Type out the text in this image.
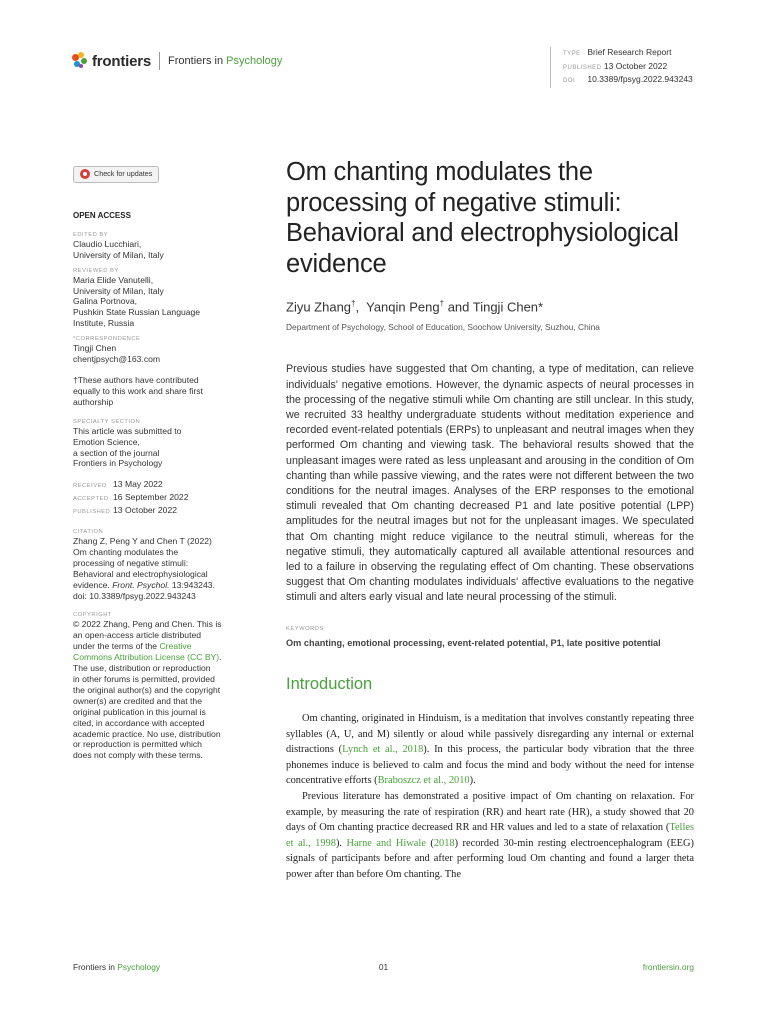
frontiers Frontiers in Psychology
TYPE Brief Research Report
PUBLISHED 13 October 2022
DOI 10.3389/fpsyg.2022.943243
Check for updates
OPEN ACCESS
EDITED BY
Claudio Lucchiari,
University of Milan, Italy
REVIEWED BY
Maria Elide Vanutelli,
University of Milan, Italy
Galina Portnova,
Pushkin State Russian Language
Institute, Russia
*CORRESPONDENCE
Tingji Chen
chentjpsych@163.com
†These authors have contributed
equally to this work and share first
authorship
SPECIALTY SECTION
This article was submitted to
Emotion Science,
a section of the journal
Frontiers in Psychology
RECEIVED 13 May 2022
ACCEPTED 16 September 2022
PUBLISHED 13 October 2022
CITATION
Zhang Z, Peng Y and Chen T (2022)
Om chanting modulates the
processing of negative stimuli:
Behavioral and electrophysiological
evidence. Front. Psychol. 13:943243.
doi: 10.3389/fpsyg.2022.943243
COPYRIGHT
© 2022 Zhang, Peng and Chen. This is
an open-access article distributed
under the terms of the Creative
Commons Attribution License (CC BY).
The use, distribution or reproduction
in other forums is permitted, provided
the original author(s) and the copyright
owner(s) are credited and that the
original publication in this journal is
cited, in accordance with accepted
academic practice. No use, distribution
or reproduction is permitted which
does not comply with these terms.
Om chanting modulates the processing of negative stimuli: Behavioral and electrophysiological evidence
Ziyu Zhang†,  Yanqin Peng† and Tingji Chen*
Department of Psychology, School of Education, Soochow University, Suzhou, China
Previous studies have suggested that Om chanting, a type of meditation, can relieve individuals' negative emotions. However, the dynamic aspects of neural processes in the processing of the negative stimuli while Om chanting are still unclear. In this study, we recruited 33 healthy undergraduate students without meditation experience and recorded event-related potentials (ERPs) to unpleasant and neutral images when they performed Om chanting and viewing task. The behavioral results showed that the unpleasant images were rated as less unpleasant and arousing in the condition of Om chanting than while passive viewing, and the rates were not different between the two conditions for the neutral images. Analyses of the ERP responses to the emotional stimuli revealed that Om chanting decreased P1 and late positive potential (LPP) amplitudes for the neutral images but not for the unpleasant images. We speculated that Om chanting might reduce vigilance to the neutral stimuli, whereas for the negative stimuli, they automatically captured all available attentional resources and led to a failure in observing the regulating effect of Om chanting. These observations suggest that Om chanting modulates individuals' affective evaluations to the negative stimuli and alters early visual and late neural processing of the stimuli.
KEYWORDS
Om chanting, emotional processing, event-related potential, P1, late positive potential
Introduction

Om chanting, originated in Hinduism, is a meditation that involves constantly repeating three syllables (A, U, and M) silently or aloud while passively disregarding any internal or external distractions (Lynch et al., 2018). In this process, the particular body vibration that the three phonemes induce is believed to calm and focus the mind and body without the need for intense concentrative efforts (Braboszcz et al., 2010).

Previous literature has demonstrated a positive impact of Om chanting on relaxation. For example, by measuring the rate of respiration (RR) and heart rate (HR), a study showed that 20 days of Om chanting practice decreased RR and HR values and led to a state of relaxation (Telles et al., 1998). Harne and Hiwale (2018) recorded 30-min resting electroencephalogram (EEG) signals of participants before and after performing loud Om chanting and found a larger theta power after than before Om chanting. The

Frontiers in Psychology	01	frontiersin.org
